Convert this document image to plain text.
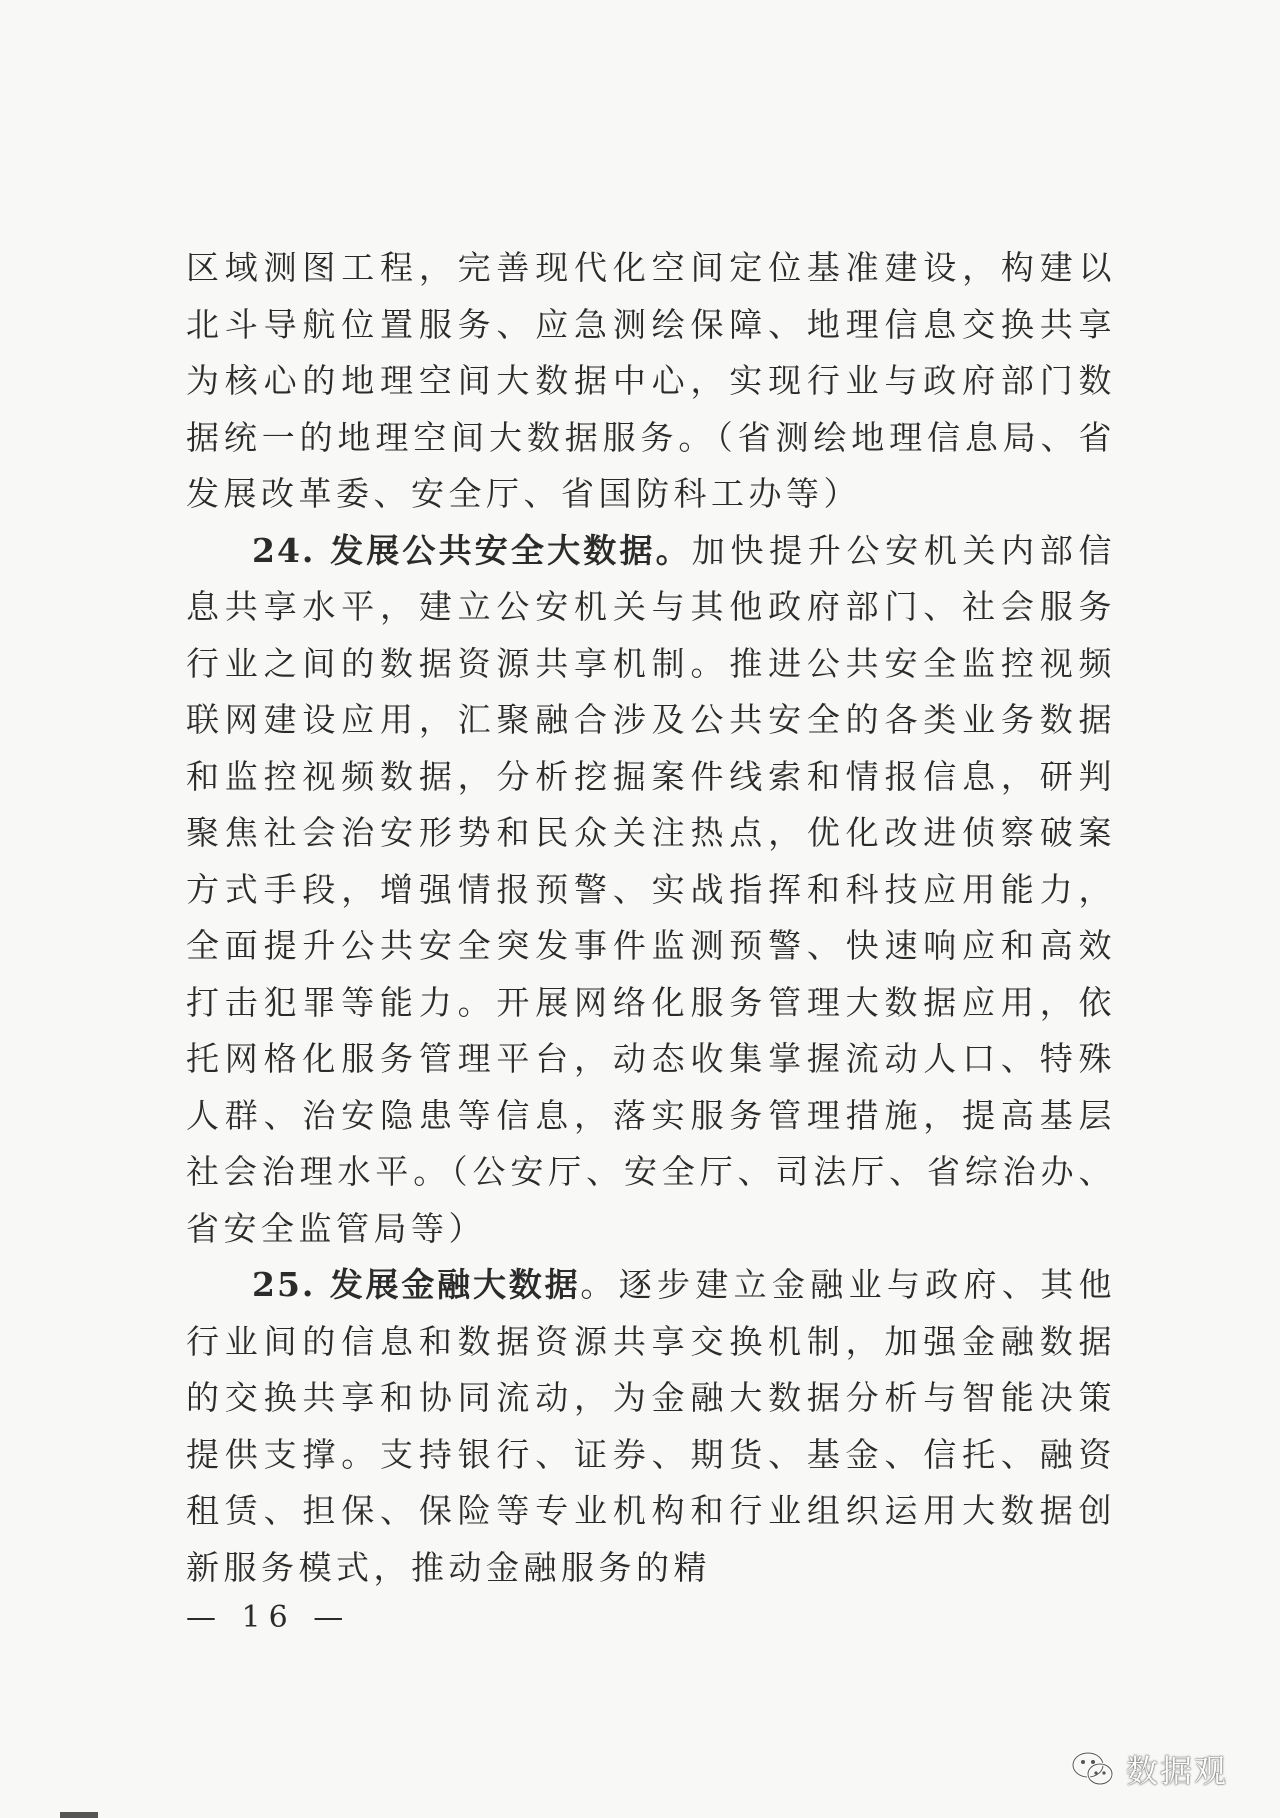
区域测图工程，完善现代化空间定位基准建设，构建以北斗导航位置服务、应急测绘保障、地理信息交换共享为核心的地理空间大数据中心，实现行业与政府部门数据统一的地理空间大数据服务。（省测绘地理信息局、省发展改革委、安全厅、省国防科工办等）

24. 发展公共安全大数据。加快提升公安机关内部信息共享水平，建立公安机关与其他政府部门、社会服务行业之间的数据资源共享机制。推进公共安全监控视频联网建设应用，汇聚融合涉及公共安全的各类业务数据和监控视频数据，分析挖掘案件线索和情报信息，研判聚焦社会治安形势和民众关注热点，优化改进侦察破案方式手段，增强情报预警、实战指挥和科技应用能力，全面提升公共安全突发事件监测预警、快速响应和高效打击犯罪等能力。开展网络化服务管理大数据应用，依托网格化服务管理平台，动态收集掌握流动人口、特殊人群、治安隐患等信息，落实服务管理措施，提高基层社会治理水平。（公安厅、安全厅、司法厅、省综治办、省安全监管局等）

25. 发展金融大数据。逐步建立金融业与政府、其他行业间的信息和数据资源共享交换机制，加强金融数据的交换共享和协同流动，为金融大数据分析与智能决策提供支撑。支持银行、证券、期货、基金、信托、融资租赁、担保、保险等专业机构和行业组织运用大数据创新服务模式，推动金融服务的精

— 16 —
数据观
